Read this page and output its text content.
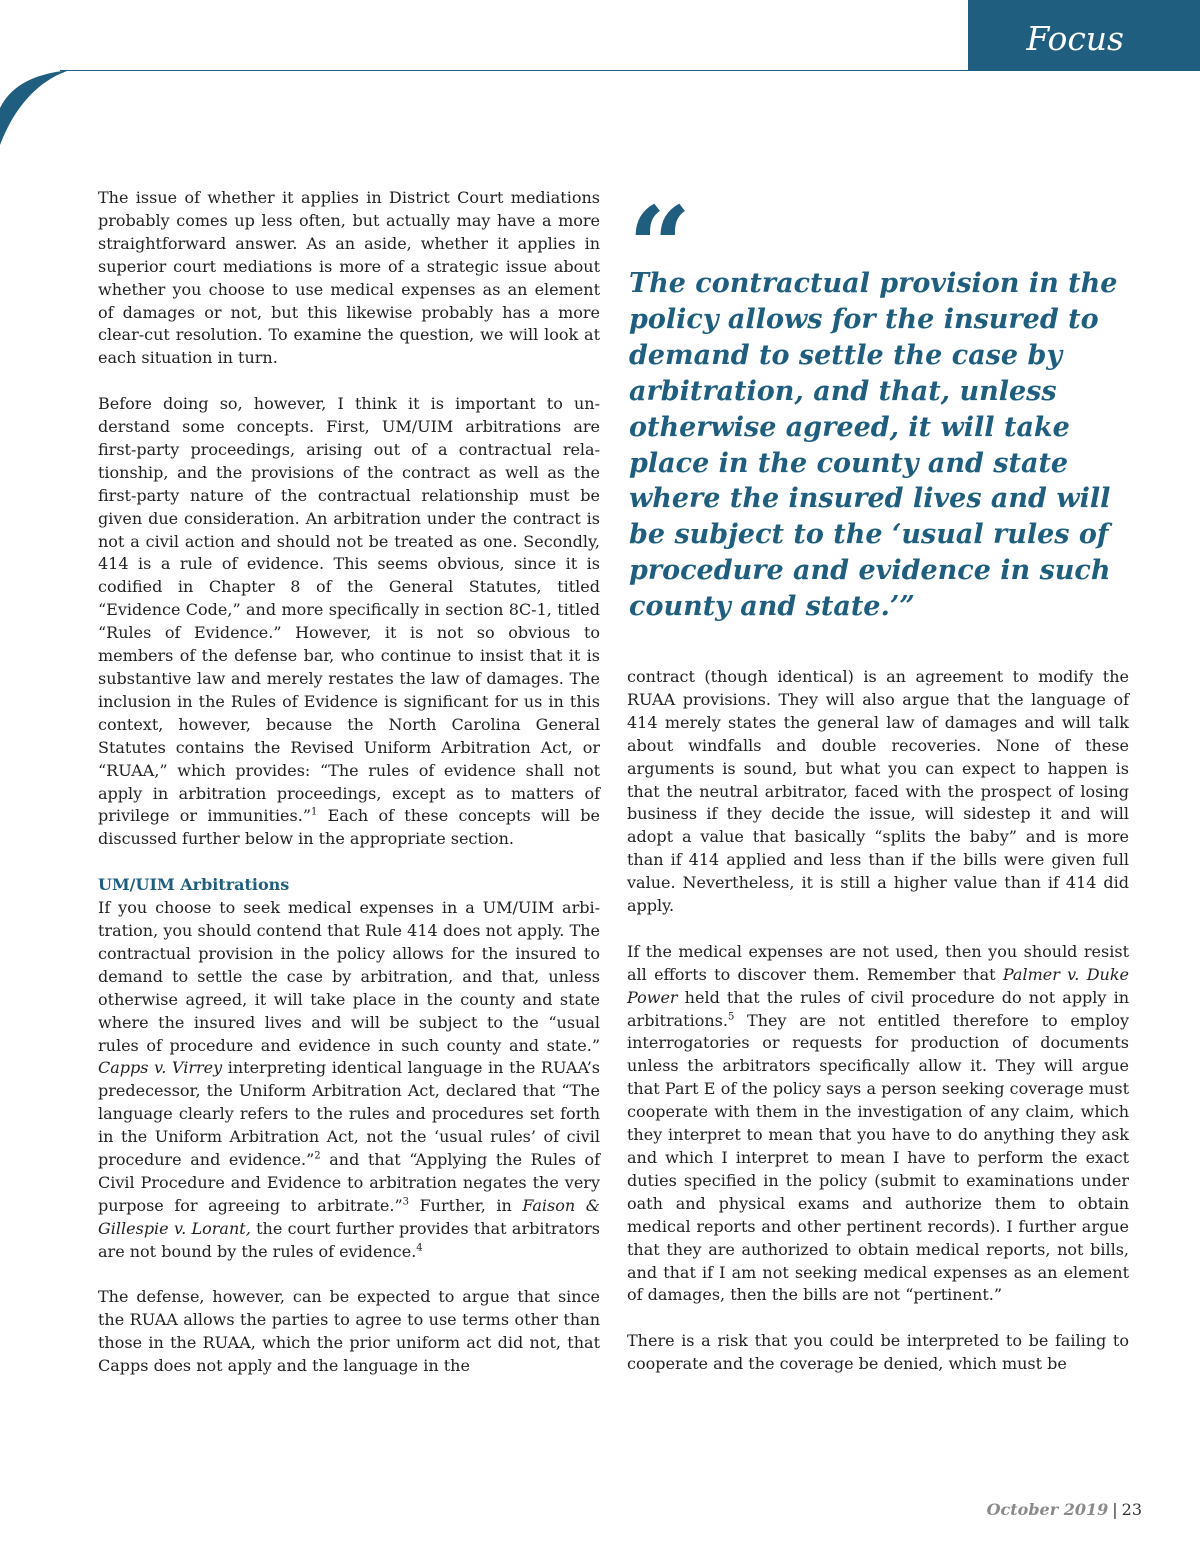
Focus

The issue of whether it applies in District Court mediations probably comes up less often, but actually may have a more straightforward answer. As an aside, whether it applies in superior court mediations is more of a strategic issue about whether you choose to use medical expenses as an element of damages or not, but this likewise probably has a more clear-cut resolution. To examine the question, we will look at each situation in turn.

Before doing so, however, I think it is important to understand some concepts. First, UM/UIM arbitrations are first-party proceedings, arising out of a contractual relationship, and the provisions of the contract as well as the first-party nature of the contractual relationship must be given due consideration. An arbitration under the contract is not a civil action and should not be treated as one. Secondly, 414 is a rule of evidence. This seems obvious, since it is codified in Chapter 8 of the General Statutes, titled “Evidence Code,” and more specifically in section 8C-1, titled “Rules of Evidence.” However, it is not so obvious to members of the defense bar, who continue to insist that it is substantive law and merely restates the law of damages. The inclusion in the Rules of Evidence is significant for us in this context, however, because the North Carolina General Statutes contains the Revised Uniform Arbitration Act, or “RUAA,” which provides: “The rules of evidence shall not apply in arbitration proceedings, except as to matters of privilege or immunities.”$^1$ Each of these concepts will be discussed further below in the appropriate section.

UM/UIM Arbitrations

If you choose to seek medical expenses in a UM/UIM arbitration, you should contend that Rule 414 does not apply. The contractual provision in the policy allows for the insured to demand to settle the case by arbitration, and that, unless otherwise agreed, it will take place in the county and state where the insured lives and will be subject to the “usual rules of procedure and evidence in such county and state.” Capps v. Virrey interpreting identical language in the RUAA’s predecessor, the Uniform Arbitration Act, declared that “The language clearly refers to the rules and procedures set forth in the Uniform Arbitration Act, not the ‘usual rules’ of civil procedure and evidence.”$^2$ and that “Applying the Rules of Civil Procedure and Evidence to arbitration negates the very purpose for agreeing to arbitrate.”$^3$ Further, in Faison & Gillespie v. Lorant, the court further provides that arbitrators are not bound by the rules of evidence.$^4$

The defense, however, can be expected to argue that since the RUAA allows the parties to agree to use terms other than those in the RUAA, which the prior uniform act did not, that Capps does not apply and the language in the

“

The contractual provision in the policy allows for the insured to demand to settle the case by arbitration, and that, unless otherwise agreed, it will take place in the county and state where the insured lives and will be subject to the ‘usual rules of procedure and evidence in such county and state.’”

contract (though identical) is an agreement to modify the RUAA provisions. They will also argue that the language of 414 merely states the general law of damages and will talk about windfalls and double recoveries. None of these arguments is sound, but what you can expect to happen is that the neutral arbitrator, faced with the prospect of losing business if they decide the issue, will sidestep it and will adopt a value that basically “splits the baby” and is more than if 414 applied and less than if the bills were given full value. Nevertheless, it is still a higher value than if 414 did apply.

If the medical expenses are not used, then you should resist all efforts to discover them. Remember that Palmer v. Duke Power held that the rules of civil procedure do not apply in arbitrations.$^5$ They are not entitled therefore to employ interrogatories or requests for production of documents unless the arbitrators specifically allow it. They will argue that Part E of the policy says a person seeking coverage must cooperate with them in the investigation of any claim, which they interpret to mean that you have to do anything they ask and which I interpret to mean I have to perform the exact duties specified in the policy (submit to examinations under oath and physical exams and authorize them to obtain medical reports and other pertinent records). I further argue that they are authorized to obtain medical reports, not bills, and that if I am not seeking medical expenses as an element of damages, then the bills are not “pertinent.”

There is a risk that you could be interpreted to be failing to cooperate and the coverage be denied, which must be

October 2019 | 23
